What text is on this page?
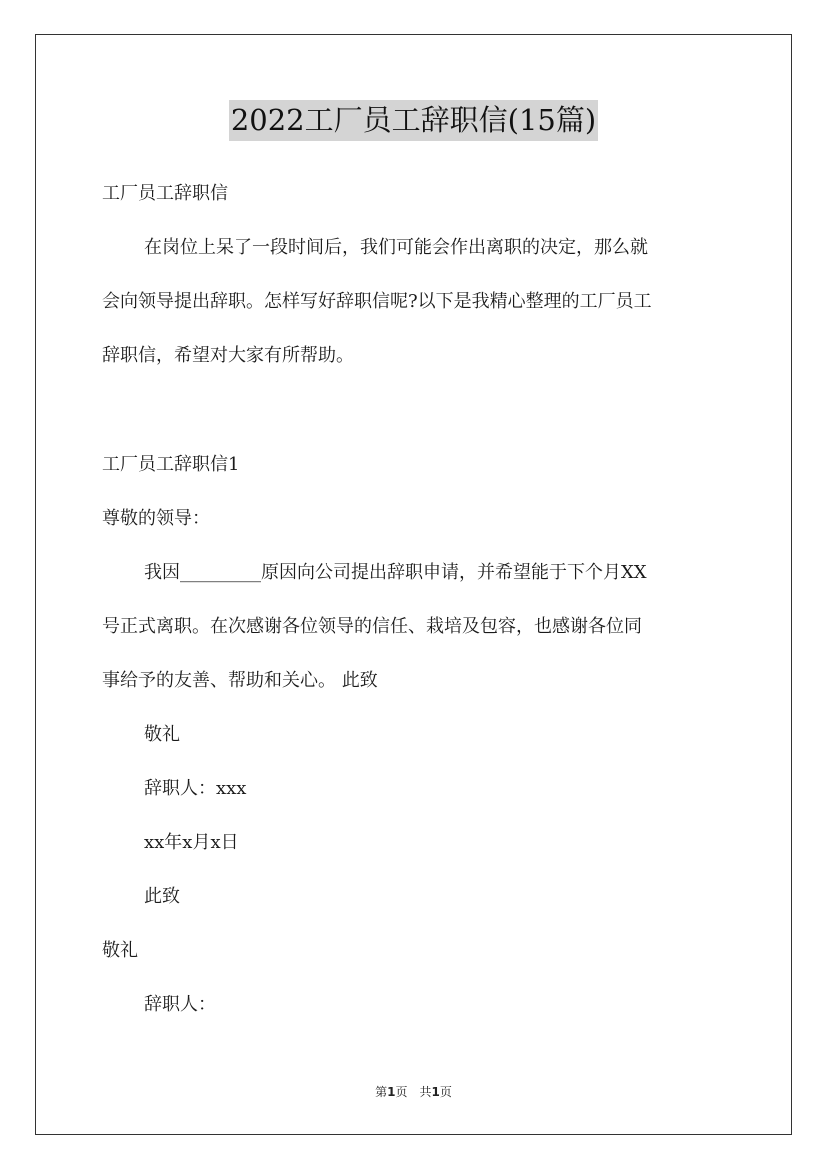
2022工厂员工辞职信(15篇)
工厂员工辞职信
在岗位上呆了一段时间后，我们可能会作出离职的决定，那么就
会向领导提出辞职。怎样写好辞职信呢?以下是我精心整理的工厂员工
辞职信，希望对大家有所帮助。
工厂员工辞职信1
尊敬的领导：
我因_________原因向公司提出辞职申请，并希望能于下个月XX
号正式离职。在次感谢各位领导的信任、栽培及包容，也感谢各位同
事给予的友善、帮助和关心。 此致
敬礼
辞职人：xxx
xx年x月x日
此致
敬礼
辞职人：
第1页 共1页
